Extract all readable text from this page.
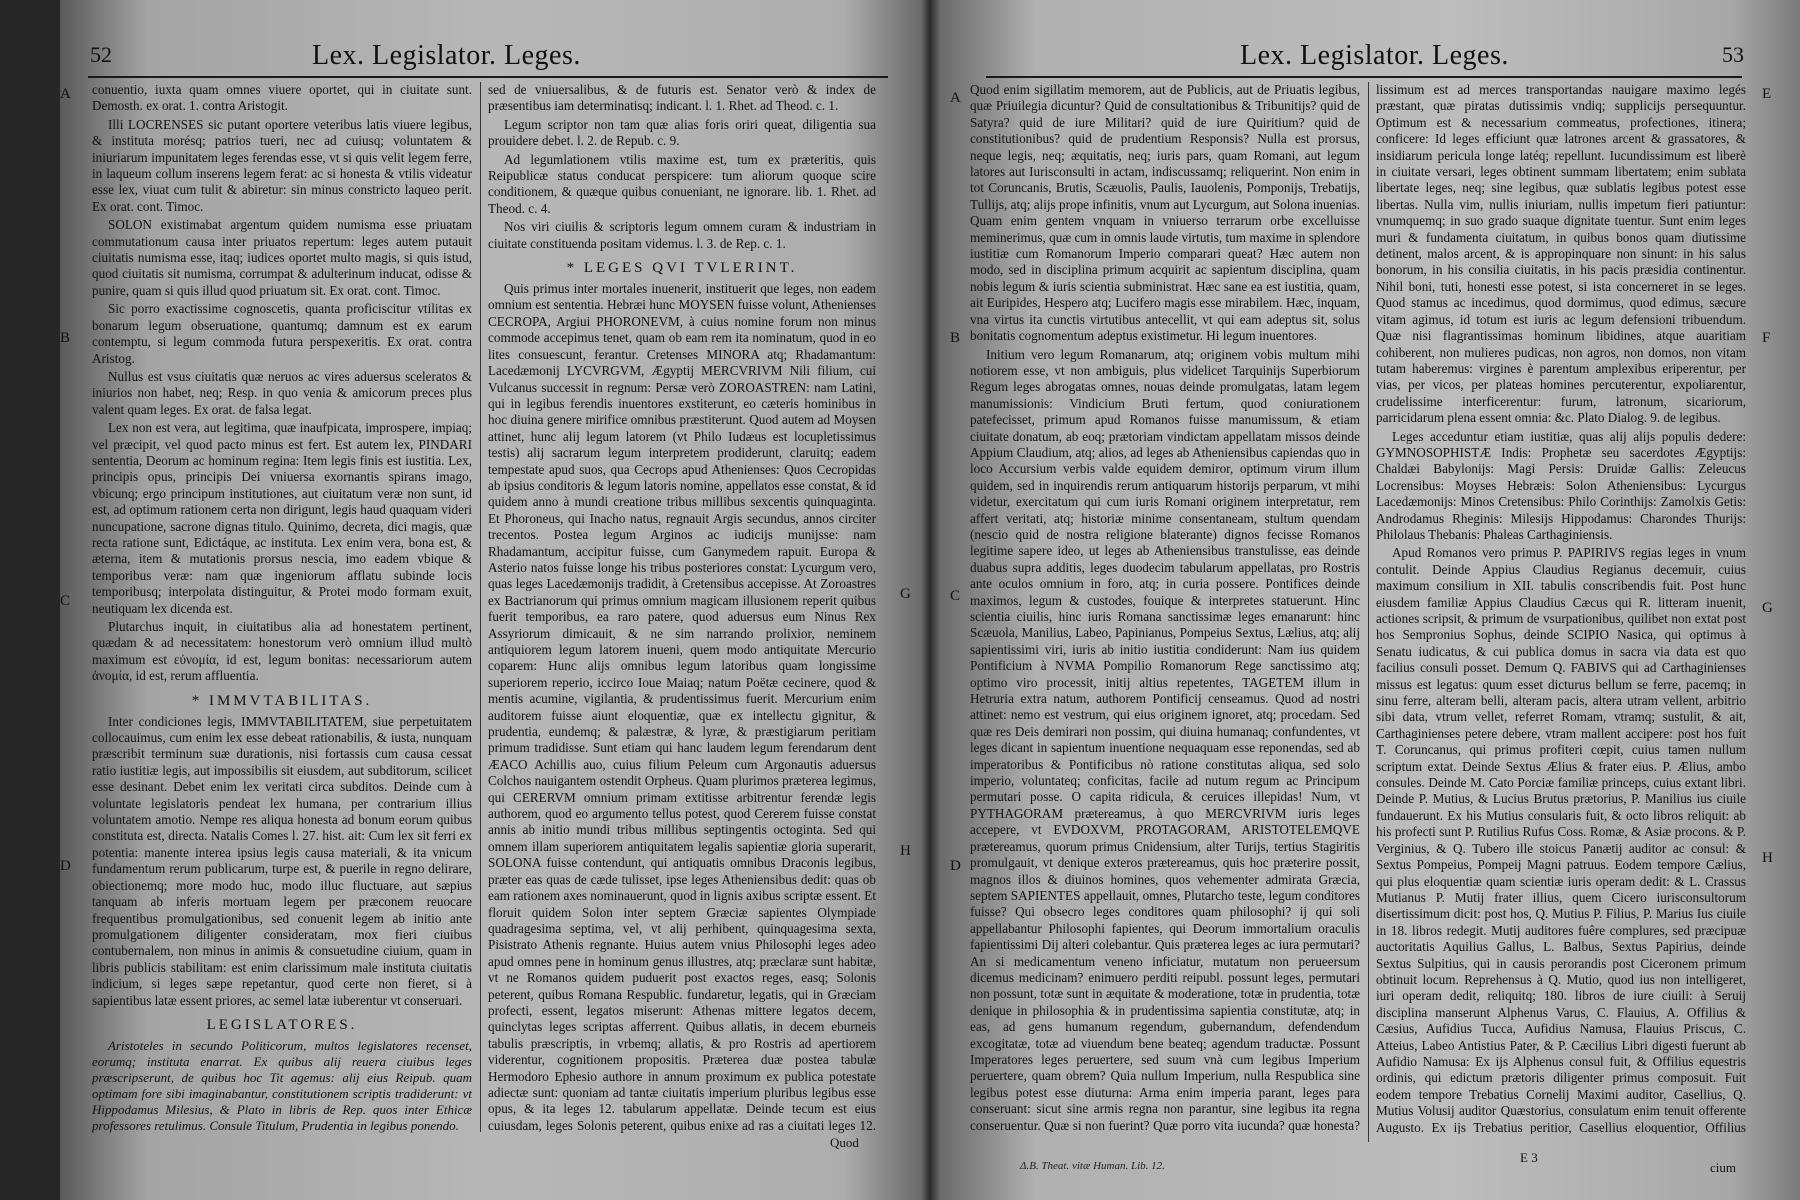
52	Lex. Legislator. Leges.
A
B
C
D

conuentio, iuxta quam omnes viuere oportet, qui in ciuitate sunt. Demosth. ex orat. 1. contra Aristogit.

Illi LOCRENSES sic putant oportere veteribus latis viuere legibus, & instituta morésq; patrios tueri, nec ad cuiusq; voluntatem & iniuriarum impunitatem leges ferendas esse, vt si quis velit legem ferre, in laqueum collum inserens legem ferat: ac si honesta & vtilis videatur esse lex, viuat cum tulit & abiretur: sin minus constricto laqueo perit. Ex orat. cont. Timoc.

SOLON existimabat argentum quidem numisma esse priuatam commutationum causa inter priuatos repertum: leges autem putauit ciuitatis numisma esse, itaq; iudices oportet multo magis, si quis istud, quod ciuitatis sit numisma, corrumpat & adulterinum inducat, odisse & punire, quam si quis illud quod priuatum sit. Ex orat. cont. Timoc.

Sic porro exactissime cognoscetis, quanta proficiscitur vtilitas ex bonarum legum obseruatione, quantumq; damnum est ex earum contemptu, si legum commoda futura perspexeritis. Ex orat. contra Aristog.

Nullus est vsus ciuitatis quæ neruos ac vires aduersus sceleratos & iniurios non habet, neq; Resp. in quo venia & amicorum preces plus valent quam leges. Ex orat. de falsa legat.

Lex non est vera, aut legitima, quæ inaufpicata, improspere, impiaq; vel præcipit, vel quod pacto minus est fert. Est autem lex, PINDARI sententia, Deorum ac hominum regina: Item legis finis est iustitia. Lex, principis opus, principis Dei vniuersa exornantis spirans imago, vbicunq; ergo principum institutiones, aut ciuitatum veræ non sunt, id est, ad optimum rationem certa non dirigunt, legis haud quaquam videri nuncupatione, sacrone dignas titulo. Quinimo, decreta, dici magis, quæ recta ratione sunt, Edictáque, ac instituta. Lex enim vera, bona est, & æterna, item & mutationis prorsus nescia, imo eadem vbique & temporibus veræ: nam quæ ingeniorum afflatu subinde locis temporibusq; interpolata distinguitur, & Protei modo formam exuit, neutiquam lex dicenda est.

Plutarchus inquit, in ciuitatibus alia ad honestatem pertinent, quædam & ad necessitatem: honestorum verò omnium illud multò maximum est εὐνομία, id est, legum bonitas: necessariorum autem ἀνομία, id est, rerum affluentia.

* IMMVTABILITAS.

Inter condiciones legis, IMMVTABILITATEM, siue perpetuitatem collocauimus, cum enim lex esse debeat rationabilis, & iusta, nunquam præscribit terminum suæ durationis, nisi fortassis cum causa cessat ratio iustitiæ legis, aut impossibilis sit eiusdem, aut subditorum, scilicet esse desinant. Debet enim lex veritati circa subditos. Deinde cum à voluntate legislatoris pendeat lex humana, per contrarium illius voluntatem amotio. Nempe res aliqua honesta ad bonum eorum quibus constituta est, directa. Natalis Comes l. 27. hist. ait: Cum lex sit ferri ex potentia: manente interea ipsius legis causa materiali, & ita vnicum fundamentum rerum publicarum, turpe est, & puerile in regno delirare, obiectionemq; more modo huc, modo illuc fluctuare, aut sæpius tanquam ab inferis mortuam legem per præconem reuocare frequentibus promulgationibus, sed conuenit legem ab initio ante promulgationem diligenter consideratam, mox fieri ciuibus contubernalem, non minus in animis & consuetudine ciuium, quam in libris publicis stabilitam: est enim clarissimum male instituta ciuitatis indicium, si leges sæpe repetantur, quod certe non fieret, si à sapientibus latæ essent priores, ac semel latæ iuberentur vt conseruari.

LEGISLATORES.

Aristoteles in secundo Politicorum, multos legislatores recenset, eorumq; instituta enarrat. Ex quibus alij reuera ciuibus leges præscripserunt, de quibus hoc Tit agemus: alij eius Reipub. quam optimam fore sibi imaginabantur, constitutionem scriptis tradiderunt: vt Hippodamus Milesius, & Plato in libris de Rep. quos inter Ethicæ professores retulimus. Consule Titulum, Prudentia in legibus ponendo.

sed de vniuersalibus, & de futuris est. Senator verò & index de præsentibus iam determinatisq; indicant. l. 1. Rhet. ad Theod. c. 1.

Legum scriptor non tam quæ alias foris oriri queat, diligentia sua prouidere debet. l. 2. de Repub. c. 9.

Ad legumlationem vtilis maxime est, tum ex præteritis, quis Reipublicæ status conducat perspicere: tum aliorum quoque scire conditionem, & quæque quibus conueniant, ne ignorare. lib. 1. Rhet. ad Theod. c. 4.

Nos viri ciuilis & scriptoris legum omnem curam & industriam in ciuitate constituenda positam videmus. l. 3. de Rep. c. 1.

* LEGES QVI TVLERINT.

Quis primus inter mortales inuenerit, instituerit que leges, non eadem omnium est sententia. Hebræi hunc MOYSEN fuisse volunt, Athenienses CECROPA, Argiui PHORONEVM, à cuius nomine forum non minus commode accepimus tenet, quam ob eam rem ita nominatum, quod in eo lites consuescunt, ferantur. Cretenses MINORA atq; Rhadamantum: Lacedæmonij LYCVRGVM, Ægyptij MERCVRIVM Nili filium, cui Vulcanus successit in regnum: Persæ verò ZOROASTREN: nam Latini, qui in legibus ferendis inuentores exstiterunt, eo cæteris hominibus in hoc diuina genere mirifice omnibus præstiterunt. Quod autem ad Moysen attinet, hunc alij legum latorem (vt Philo Iudæus est locupletissimus testis) alij sacrarum legum interpretem prodiderunt, claruitq; eadem tempestate apud suos, qua Cecrops apud Athenienses: Quos Cecropidas ab ipsius conditoris & legum latoris nomine, appellatos esse constat, & id quidem anno à mundi creatione tribus millibus sexcentis quinquaginta. Et Phoroneus, qui Inacho natus, regnauit Argis secundus, annos circiter trecentos. Postea legum Arginos ac iudicijs munijsse: nam Rhadamantum, accipitur fuisse, cum Ganymedem rapuit. Europa & Asterio natos fuisse longe his tribus posteriores constat: Lycurgum vero, quas leges Lacedæmonijs tradidit, à Cretensibus accepisse. At Zoroastres ex Bactrianorum qui primus omnium magicam illusionem reperit quibus fuerit temporibus, ea raro patere, quod aduersus eum Ninus Rex Assyriorum dimicauit, & ne sim narrando prolixior, neminem antiquiorem legum latorem inueni, quem modo antiquitate Mercurio coparem: Hunc alijs omnibus legum latoribus quam longissime superiorem reperio, iccirco Ioue Maiaq; natum Poëtæ cecinere, quod & mentis acumine, vigilantia, & prudentissimus fuerit. Mercurium enim auditorem fuisse aiunt eloquentiæ, quæ ex intellectu gignitur, & prudentia, eundemq; & palæstræ, & lyræ, & præstigiarum peritiam primum tradidisse. Sunt etiam qui hanc laudem legum ferendarum dent ÆACO Achillis auo, cuius filium Peleum cum Argonautis aduersus Colchos nauigantem ostendit Orpheus. Quam plurimos præterea legimus, qui CERERVM omnium primam extitisse arbitrentur ferendæ legis authorem, quod eo argumento tellus potest, quod Cererem fuisse constat annis ab initio mundi tribus millibus septingentis octoginta. Sed qui omnem illam superiorem antiquitatem legalis sapientiæ gloria superarit, SOLONA fuisse contendunt, qui antiquatis omnibus Draconis legibus, præter eas quas de cæde tulisset, ipse leges Atheniensibus dedit: quas ob eam rationem axes nominauerunt, quod in lignis axibus scriptæ essent. Et floruit quidem Solon inter septem Græciæ sapientes Olympiade quadragesima septima, vel, vt alij perhibent, quinquagesima sexta, Pisistrato Athenis regnante. Huius autem vnius Philosophi leges adeo apud omnes pene in hominum genus illustres, atq; præclaræ sunt habitæ, vt ne Romanos quidem puduerit post exactos reges, easq; Solonis peterent, quibus Romana Respublic. fundaretur, legatis, qui in Græciam profecti, essent, legatos miserunt: Athenas mittere legatos decem, quinclytas leges scriptas afferrent. Quibus allatis, in decem eburneis tabulis præscriptis, in vrbemq; allatis, & pro Rostris ad apertiorem viderentur, cognitionem propositis. Præterea duæ postea tabulæ Hermodoro Ephesio authore in annum proximum ex publica potestate adiectæ sunt: quoniam ad tantæ ciuitatis imperium pluribus legibus esse opus, & ita leges 12. tabularum appellatæ. Deinde tecum est eius cuiusdam, leges Solonis peterent, quibus enixe ad ras a ciuitati leges 12.

Quod
G
H
Lex. Legislator. Leges.	53
A
B
C
D

Quod enim sigillatim memorem, aut de Publicis, aut de Priuatis legibus, quæ Priuilegia dicuntur? Quid de consultationibus & Tribunitijs? quid de Satyra? quid de iure Militari? quid de iure Quiritium? quid de constitutionibus? quid de prudentium Responsis? Nulla est prorsus, neque legis, neq; æquitatis, neq; iuris pars, quam Romani, aut legum latores aut Iurisconsulti in actam, indiscussamq; reliquerint. Non enim in tot Coruncanis, Brutis, Scæuolis, Paulis, Iauolenis, Pomponijs, Trebatijs, Tullijs, atq; alijs prope infinitis, vnum aut Lycurgum, aut Solona inuenias. Quam enim gentem vnquam in vniuerso terrarum orbe excelluisse meminerimus, quæ cum in omnis laude virtutis, tum maxime in splendore iustitiæ cum Romanorum Imperio comparari queat? Hæc autem non modo, sed in disciplina primum acquirit ac sapientum disciplina, quam nobis legum & iuris scientia subministrat. Hæc sane ea est iustitia, quam, ait Euripides, Hespero atq; Lucifero magis esse mirabilem. Hæc, inquam, vna virtus ita cunctis virtutibus antecellit, vt qui eam adeptus sit, solus bonitatis cognomentum adeptus existimetur. Hi legum inuentores.

Initium vero legum Romanarum, atq; originem vobis multum mihi notiorem esse, vt non ambiguis, plus videlicet Tarquinijs Superbiorum Regum leges abrogatas omnes, nouas deinde promulgatas, latam legem manumissionis: Vindicium Bruti fertum, quod coniurationem patefecisset, primum apud Romanos fuisse manumissum, & etiam ciuitate donatum, ab eoq; prætoriam vindictam appellatam missos deinde Appium Claudium, atq; alios, ad leges ab Atheniensibus capiendas quo in loco Accursium verbis valde equidem demiror, optimum virum illum quidem, sed in inquirendis rerum antiquarum historijs perparum, vt mihi videtur, exercitatum qui cum iuris Romani originem interpretatur, rem affert veritati, atq; historiæ minime consentaneam, stultum quendam (nescio quid de nostra religione blaterante) dignos fecisse Romanos legitime sapere ideo, ut leges ab Atheniensibus transtulisse, eas deinde duabus supra additis, leges duodecim tabularum appellatas, pro Rostris ante oculos omnium in foro, atq; in curia possere. Pontifices deinde maximos, legum & custodes, fouique & interpretes statuerunt. Hinc scientia ciuilis, hinc iuris Romana sanctissimæ leges emanarunt: hinc Scæuola, Manilius, Labeo, Papinianus, Pompeius Sextus, Lælius, atq; alij sapientissimi viri, iuris ab initio iustitia condiderunt: Nam ius quidem Pontificium à NVMA Pompilio Romanorum Rege sanctissimo atq; optimo viro processit, initij altius repetentes, TAGETEM illum in Hetruria extra natum, authorem Pontificij censeamus. Quod ad nostri attinet: nemo est vestrum, qui eius originem ignoret, atq; procedam. Sed quæ res Deis demirari non possim, qui diuina humanaq; confundentes, vt leges dicant in sapientum inuentione nequaquam esse reponendas, sed ab imperatoribus & Pontificibus nò ratione constitutas aliqua, sed solo imperio, voluntateq; conficitas, facile ad nutum regum ac Principum permutari posse. O capita ridicula, & ceruices illepidas! Num, vt PYTHAGORAM prætereamus, à quo MERCVRIVM iuris leges accepere, vt EVDOXVM, PROTAGORAM, ARISTOTELEMQVE prætereamus, quorum primus Cnidensium, alter Turijs, tertius Stagiritis promulgauit, vt denique exteros prætereamus, quis hoc præterire possit, magnos illos & diuinos homines, quos vehementer admirata Græcia, septem SAPIENTES appellauit, omnes, Plutarcho teste, legum conditores fuisse? Qui obsecro leges conditores quam philosophi? ij qui soli appellabantur Philosophi fapientes, qui Deorum immortalium oraculis fapientissimi Dij alteri colebantur. Quis præterea leges ac iura permutari? An si medicamentum veneno inficiatur, mutatum non perueersum dicemus medicinam? enimuero perditi reipubl. possunt leges, permutari non possunt, totæ sunt in æquitate & moderatione, totæ in prudentia, totæ denique in philosophia & in prudentissima sapientia constitutæ, atq; in eas, ad gens humanum regendum, gubernandum, defendendum excogitatæ, totæ ad viuendum bene beateq; agendum traductæ. Possunt Imperatores leges peruertere, sed suum vnà cum legibus Imperium peruertere, quam obrem? Quia nullum Imperium, nulla Respublica sine legibus potest esse diuturna: Arma enim imperia parant, leges para conseruant: sicut sine armis regna non parantur, sine legibus ita regna conseruentur. Quæ si non fuerint? Quæ porro vita iucunda? quæ honesta?

Δ.B. Theat. vitæ Human. Lib. 12.

lissimum est ad merces transportandas nauigare maximo legés præstant, quæ piratas dutissimis vndiq; supplicijs persequuntur. Optimum est & necessarium commeatus, profectiones, itinera; conficere: Id leges efficiunt quæ latrones arcent & grassatores, & insidiarum pericula longe latéq; repellunt. Iucundissimum est liberè in ciuitate versari, leges obtinent summam libertatem; enim sublata libertate leges, neq; sine legibus, quæ sublatis legibus potest esse libertas. Nulla vim, nullis iniuriam, nullis impetum fieri patiuntur: vnumquemq; in suo grado suaque dignitate tuentur. Sunt enim leges muri & fundamenta ciuitatum, in quibus bonos quam diutissime detinent, malos arcent, & is appropinquare non sinunt: in his salus bonorum, in his consilia ciuitatis, in his pacis præsidia continentur. Nihil boni, tuti, honesti esse potest, si ista concerneret in se leges. Quod stamus ac incedimus, quod dormimus, quod edimus, sæcure vitam agimus, id totum est iuris ac legum defensioni tribuendum. Quæ nisi flagrantissimas hominum libidines, atque auaritiam cohiberent, non mulieres pudicas, non agros, non domos, non vitam tutam haberemus: virgines è parentum amplexibus eriperentur, per vias, per vicos, per plateas homines percuterentur, expoliarentur, crudelissime interficerentur: furum, latronum, sicariorum, parricidarum plena essent omnia: &c. Plato Dialog. 9. de legibus.

Leges acceduntur etiam iustitiæ, quas alij alijs populis dedere: GYMNOSOPHISTÆ Indis: Prophetæ seu sacerdotes Ægyptijs: Chaldæi Babylonijs: Magi Persis: Druidæ Gallis: Zeleucus Locrensibus: Moyses Hebræis: Solon Atheniensibus: Lycurgus Lacedæmonijs: Minos Cretensibus: Philo Corinthijs: Zamolxis Getis: Androdamus Rheginis: Milesijs Hippodamus: Charondes Thurijs: Philolaus Thebanis: Phaleas Carthaginiensis.

Apud Romanos vero primus P. PAPIRIVS regias leges in vnum contulit. Deinde Appius Claudius Regianus decemuir, cuius maximum consilium in XII. tabulis conscribendis fuit. Post hunc eiusdem familiæ Appius Claudius Cæcus qui R. litteram inuenit, actiones scripsit, & primum de vsurpationibus, quilibet non extat post hos Sempronius Sophus, deinde SCIPIO Nasica, qui optimus à Senatu iudicatus, & cui publica domus in sacra via data est quo facilius consuli posset. Demum Q. FABIVS qui ad Carthaginienses missus est legatus: quum esset dicturus bellum se ferre, pacemq; in sinu ferre, alteram belli, alteram pacis, altera utram vellent, arbitrio sibi data, vtrum vellet, referret Romam, vtramq; sustulit, & ait, Carthaginienses petere debere, vtram mallent accipere: post hos fuit T. Coruncanus, qui primus profiteri cœpit, cuius tamen nullum scriptum extat. Deinde Sextus Ælius & frater eius. P. Ælius, ambo consules. Deinde M. Cato Porciæ familiæ princeps, cuius extant libri. Deinde P. Mutius, & Lucius Brutus prætorius, P. Manilius ius ciuile fundauerunt. Ex his Mutius consularis fuit, & octo libros reliquit: ab his profecti sunt P. Rutilius Rufus Coss. Romæ, & Asiæ procons. & P. Verginius, & Q. Tubero ille stoicus Panætij auditor ac consul: & Sextus Pompeius, Pompeij Magni patruus. Eodem tempore Cælius, qui plus eloquentiæ quam scientiæ iuris operam dedit: & L. Crassus Mutianus P. Mutij frater illius, quem Cicero iurisconsultorum disertissimum dicit: post hos, Q. Mutius P. Filius, P. Marius Ius ciuile in 18. libros redegit. Mutij auditores fuêre complures, sed præcipuæ auctoritatis Aquilius Gallus, L. Balbus, Sextus Papirius, deinde Sextus Sulpitius, qui in causis perorandis post Ciceronem primum obtinuit locum. Reprehensus à Q. Mutio, quod ius non intelligeret, iuri operam dedit, reliquitq; 180. libros de iure ciuili: à Seruij disciplina manserunt Alphenus Varus, C. Flauius, A. Offilius & Cæsius, Aufidius Tucca, Aufidius Namusa, Flauius Priscus, C. Atteius, Labeo Antistius Pater, & P. Cæcilius Libri digesti fuerunt ab Aufidio Namusa: Ex ijs Alphenus consul fuit, & Offilius equestris ordinis, qui edictum prætoris diligenter primus composuit. Fuit eodem tempore Trebatius Cornelij Maximi auditor, Casellius, Q. Mutius Volusij auditor Quæstorius, consulatum enim tenuit offerente Augusto. Ex ijs Trebatius peritior, Casellius eloquentior, Offilius

E 3
cium
E
F
G
H
